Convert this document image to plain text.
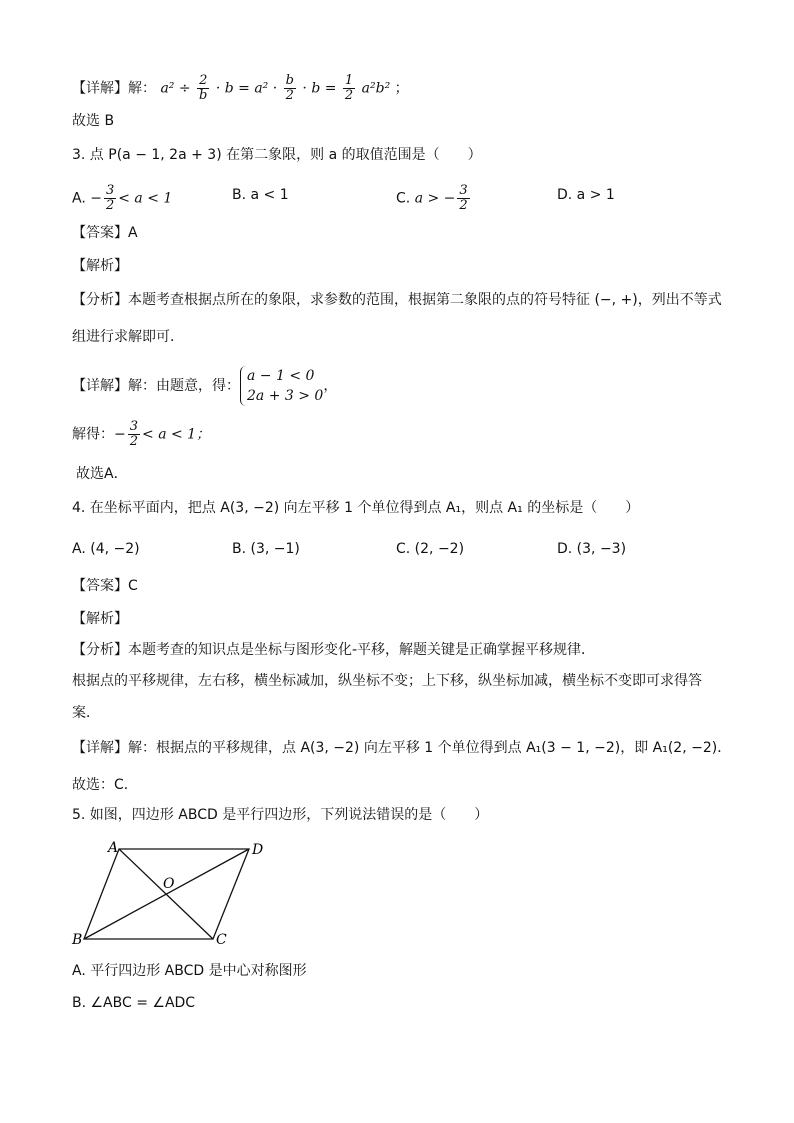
【详解】解： $a^2 \div \frac{2}{b} \cdot b = a^2 \cdot \frac{b}{2} \cdot b = \frac{1}{2} a^2b^2$ ；
故选 B
3. 点 P(a − 1, 2a + 3) 在第二象限，则 a 的取值范围是（　　）
A. − $\frac{3}{2} < a < 1$	B. a < 1	C. a > − $\frac{3}{2}$	D. a > 1
【答案】A
【解析】
【分析】本题考查根据点所在的象限，求参数的范围，根据第二象限的点的符号特征 (−, +)，列出不等式
组进行求解即可．
【详解】解：由题意，得：a − 1 < 0
2a + 3 > 0，
解得：− $\frac{3}{2} < a < 1$；
故选A．
4. 在坐标平面内，把点 A(3, −2) 向左平移 1 个单位得到点 A₁，则点 A₁ 的坐标是（　　）
A. (4, −2)	B. (3, −1)	C. (2, −2)	D. (3, −3)
【答案】C
【解析】
【分析】本题考查的知识点是坐标与图形变化-平移，解题关键是正确掌握平移规律．
根据点的平移规律，左右移，横坐标减加，纵坐标不变；上下移，纵坐标加减，横坐标不变即可求得答
案．
【详解】解：根据点的平移规律，点 A(3, −2) 向左平移 1 个单位得到点 A₁(3 − 1, −2)，即 A₁(2, −2)．
故选：C．
5. 如图，四边形 ABCD 是平行四边形，下列说法错误的是（　　）
A	D
B	C
O
A. 平行四边形 ABCD 是中心对称图形
B. ∠ABC = ∠ADC
